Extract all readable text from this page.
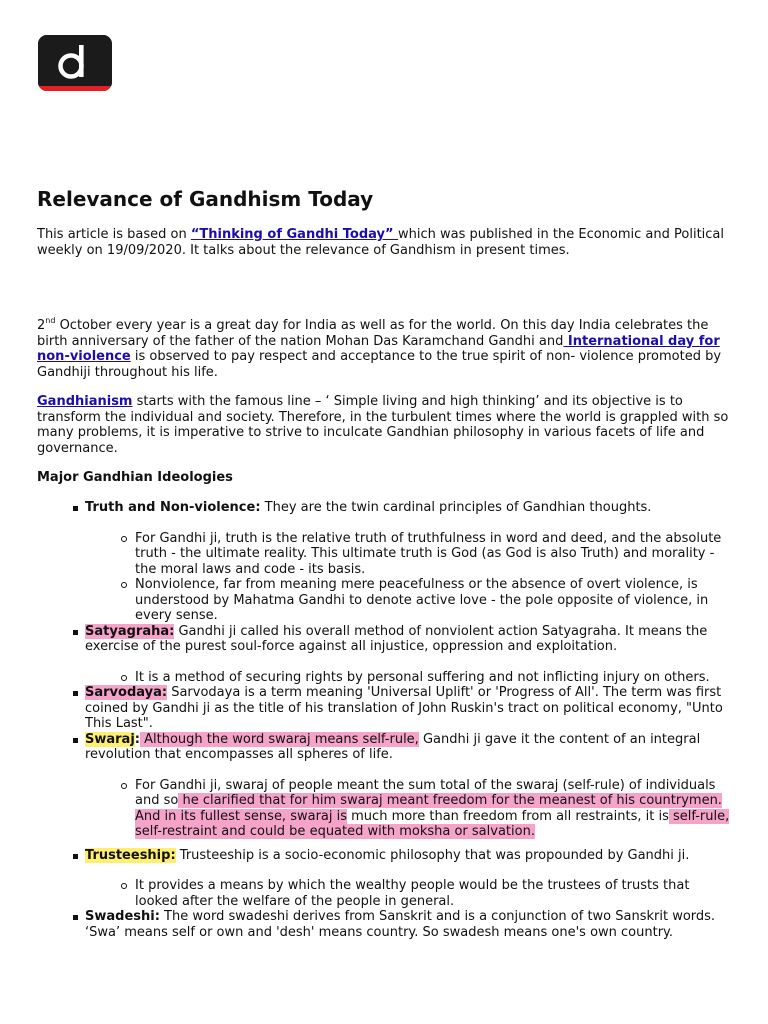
Relevance of Gandhism Today

This article is based on “Thinking of Gandhi Today” which was published in the Economic and Political weekly on 19/09/2020. It talks about the relevance of Gandhism in present times.

2nd October every year is a great day for India as well as for the world. On this day India celebrates the birth anniversary of the father of the nation Mohan Das Karamchand Gandhi and International day for non-violence is observed to pay respect and acceptance to the true spirit of non- violence promoted by Gandhiji throughout his life.

Gandhianism starts with the famous line – ‘ Simple living and high thinking’ and its objective is to transform the individual and society. Therefore, in the turbulent times where the world is grappled with so many problems, it is imperative to strive to inculcate Gandhian philosophy in various facets of life and governance.

Major Gandhian Ideologies

Truth and Non-violence: They are the twin cardinal principles of Gandhian thoughts.
For Gandhi ji, truth is the relative truth of truthfulness in word and deed, and the absolute truth - the ultimate reality. This ultimate truth is God (as God is also Truth) and morality - the moral laws and code - its basis.
Nonviolence, far from meaning mere peacefulness or the absence of overt violence, is understood by Mahatma Gandhi to denote active love - the pole opposite of violence, in every sense.
Satyagraha: Gandhi ji called his overall method of nonviolent action Satyagraha. It means the exercise of the purest soul-force against all injustice, oppression and exploitation.
It is a method of securing rights by personal suffering and not inflicting injury on others.
Sarvodaya: Sarvodaya is a term meaning 'Universal Uplift' or 'Progress of All'. The term was first coined by Gandhi ji as the title of his translation of John Ruskin's tract on political economy, "Unto This Last".
Swaraj: Although the word swaraj means self-rule, Gandhi ji gave it the content of an integral revolution that encompasses all spheres of life.
For Gandhi ji, swaraj of people meant the sum total of the swaraj (self-rule) of individuals and so he clarified that for him swaraj meant freedom for the meanest of his countrymen. And in its fullest sense, swaraj is much more than freedom from all restraints, it is self-rule, self-restraint and could be equated with moksha or salvation.
Trusteeship: Trusteeship is a socio-economic philosophy that was propounded by Gandhi ji.
It provides a means by which the wealthy people would be the trustees of trusts that looked after the welfare of the people in general.
Swadeshi: The word swadeshi derives from Sanskrit and is a conjunction of two Sanskrit words. ‘Swa’ means self or own and 'desh' means country. So swadesh means one's own country.
